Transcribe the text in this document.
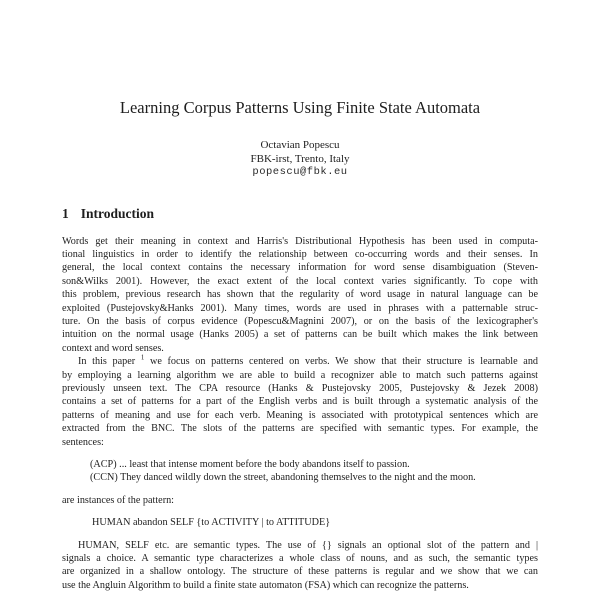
Learning Corpus Patterns Using Finite State Automata
Octavian Popescu
FBK-irst, Trento, Italy
popescu@fbk.eu
1 Introduction
Words get their meaning in context and Harris's Distributional Hypothesis has been used in computa-
tional linguistics in order to identify the relationship between co-occurring words and their senses. In
general, the local context contains the necessary information for word sense disambiguation (Steven-
son&Wilks 2001). However, the exact extent of the local context varies significantly. To cope with
this problem, previous research has shown that the regularity of word usage in natural language can be
exploited (Pustejovsky&Hanks 2001). Many times, words are used in phrases with a patternable struc-
ture. On the basis of corpus evidence (Popescu&Magnini 2007), or on the basis of the lexicographer's
intuition on the normal usage (Hanks 2005) a set of patterns can be built which makes the link between
context and word senses.
In this paper $^1$ we focus on patterns centered on verbs. We show that their structure is learnable and
by employing a learning algorithm we are able to build a recognizer able to match such patterns against
previously unseen text. The CPA resource (Hanks & Pustejovsky 2005, Pustejovsky & Jezek 2008)
contains a set of patterns for a part of the English verbs and is built through a systematic analysis of the
patterns of meaning and use for each verb. Meaning is associated with prototypical sentences which are
extracted from the BNC. The slots of the patterns are specified with semantic types. For example, the
sentences:
(ACP) ... least that intense moment before the body abandons itself to passion.
(CCN) They danced wildly down the street, abandoning themselves to the night and the moon.
are instances of the pattern:
HUMAN abandon SELF {to ACTIVITY | to ATTITUDE}
HUMAN, SELF etc. are semantic types. The use of {} signals an optional slot of the pattern and |
signals a choice. A semantic type characterizes a whole class of nouns, and as such, the semantic types
are organized in a shallow ontology. The structure of these patterns is regular and we show that we can
use the Angluin Algorithm to build a finite state automaton (FSA) which can recognize the patterns.
